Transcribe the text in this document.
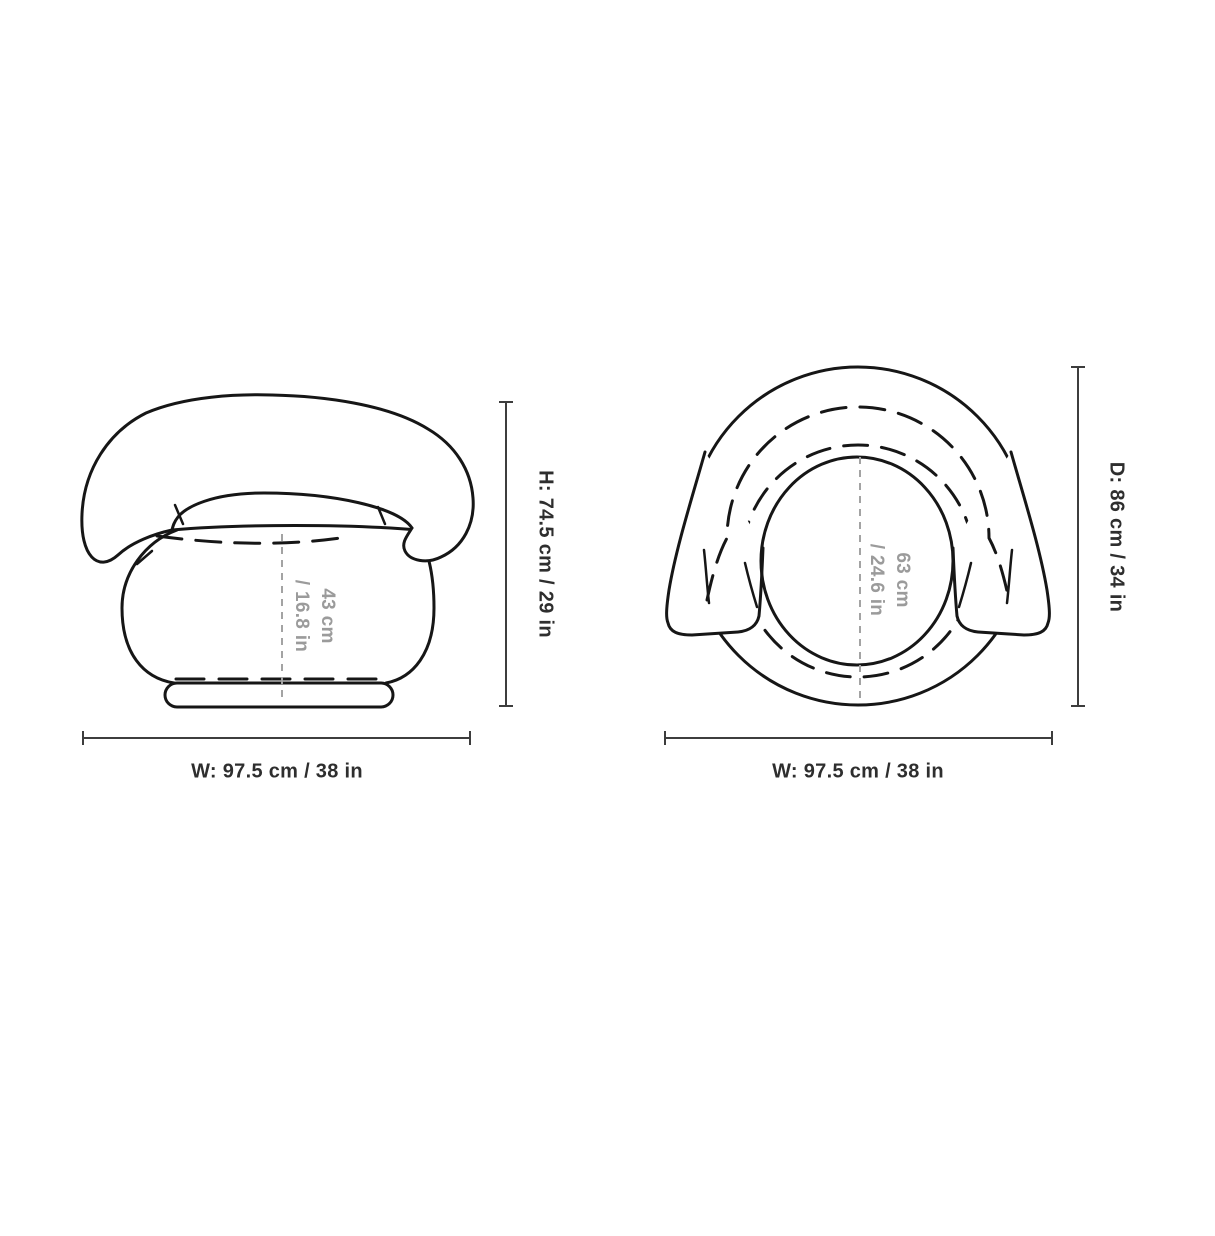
H: 74.5 cm / 29 in
W: 97.5 cm / 38 in
43 cm
/ 16.8 in
D: 86 cm / 34 in
W: 97.5 cm / 38 in
63 cm
/ 24.6 in
